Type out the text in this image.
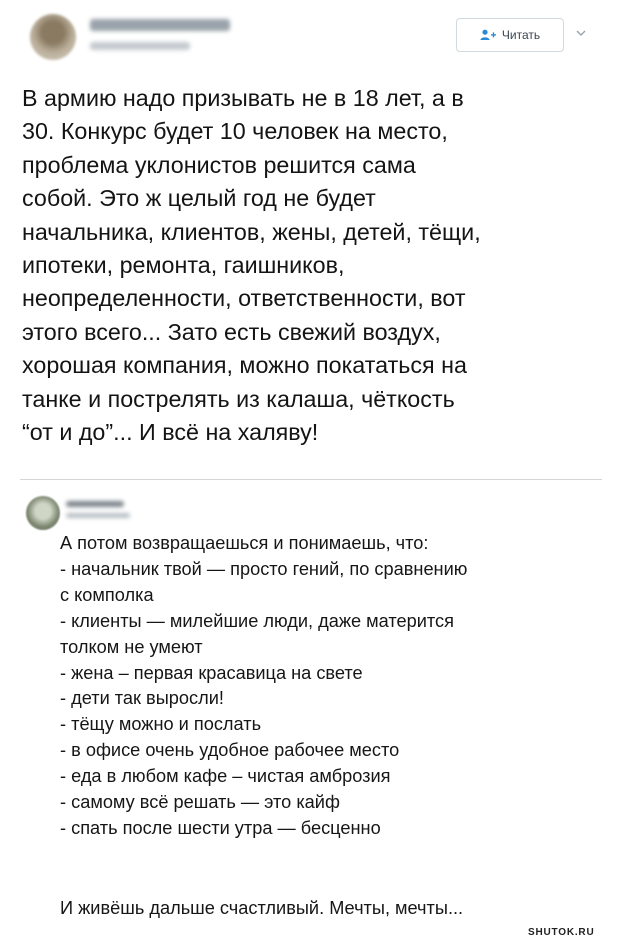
Читать
В армию надо призывать не в 18 лет, а в
30. Конкурс будет 10 человек на место,
проблема уклонистов решится сама
собой. Это ж целый год не будет
начальника, клиентов, жены, детей, тёщи,
ипотеки, ремонта, гаишников,
неопределенности, ответственности, вот
этого всего... Зато есть свежий воздух,
хорошая компания, можно покататься на
танке и пострелять из калаша, чёткость
“от и до”... И всё на халяву!
А потом возвращаешься и понимаешь, что:
- начальник твой — просто гений, по сравнению
с комполка
- клиенты — милейшие люди, даже матерится
толком не умеют
- жена – первая красавица на свете
- дети так выросли!
- тёщу можно и послать
- в офисе очень удобное рабочее место
- еда в любом кафе – чистая амброзия
- самому всё решать — это кайф
- спать после шести утра — бесценно
И живёшь дальше счастливый. Мечты, мечты...
SHUTOK.RU
